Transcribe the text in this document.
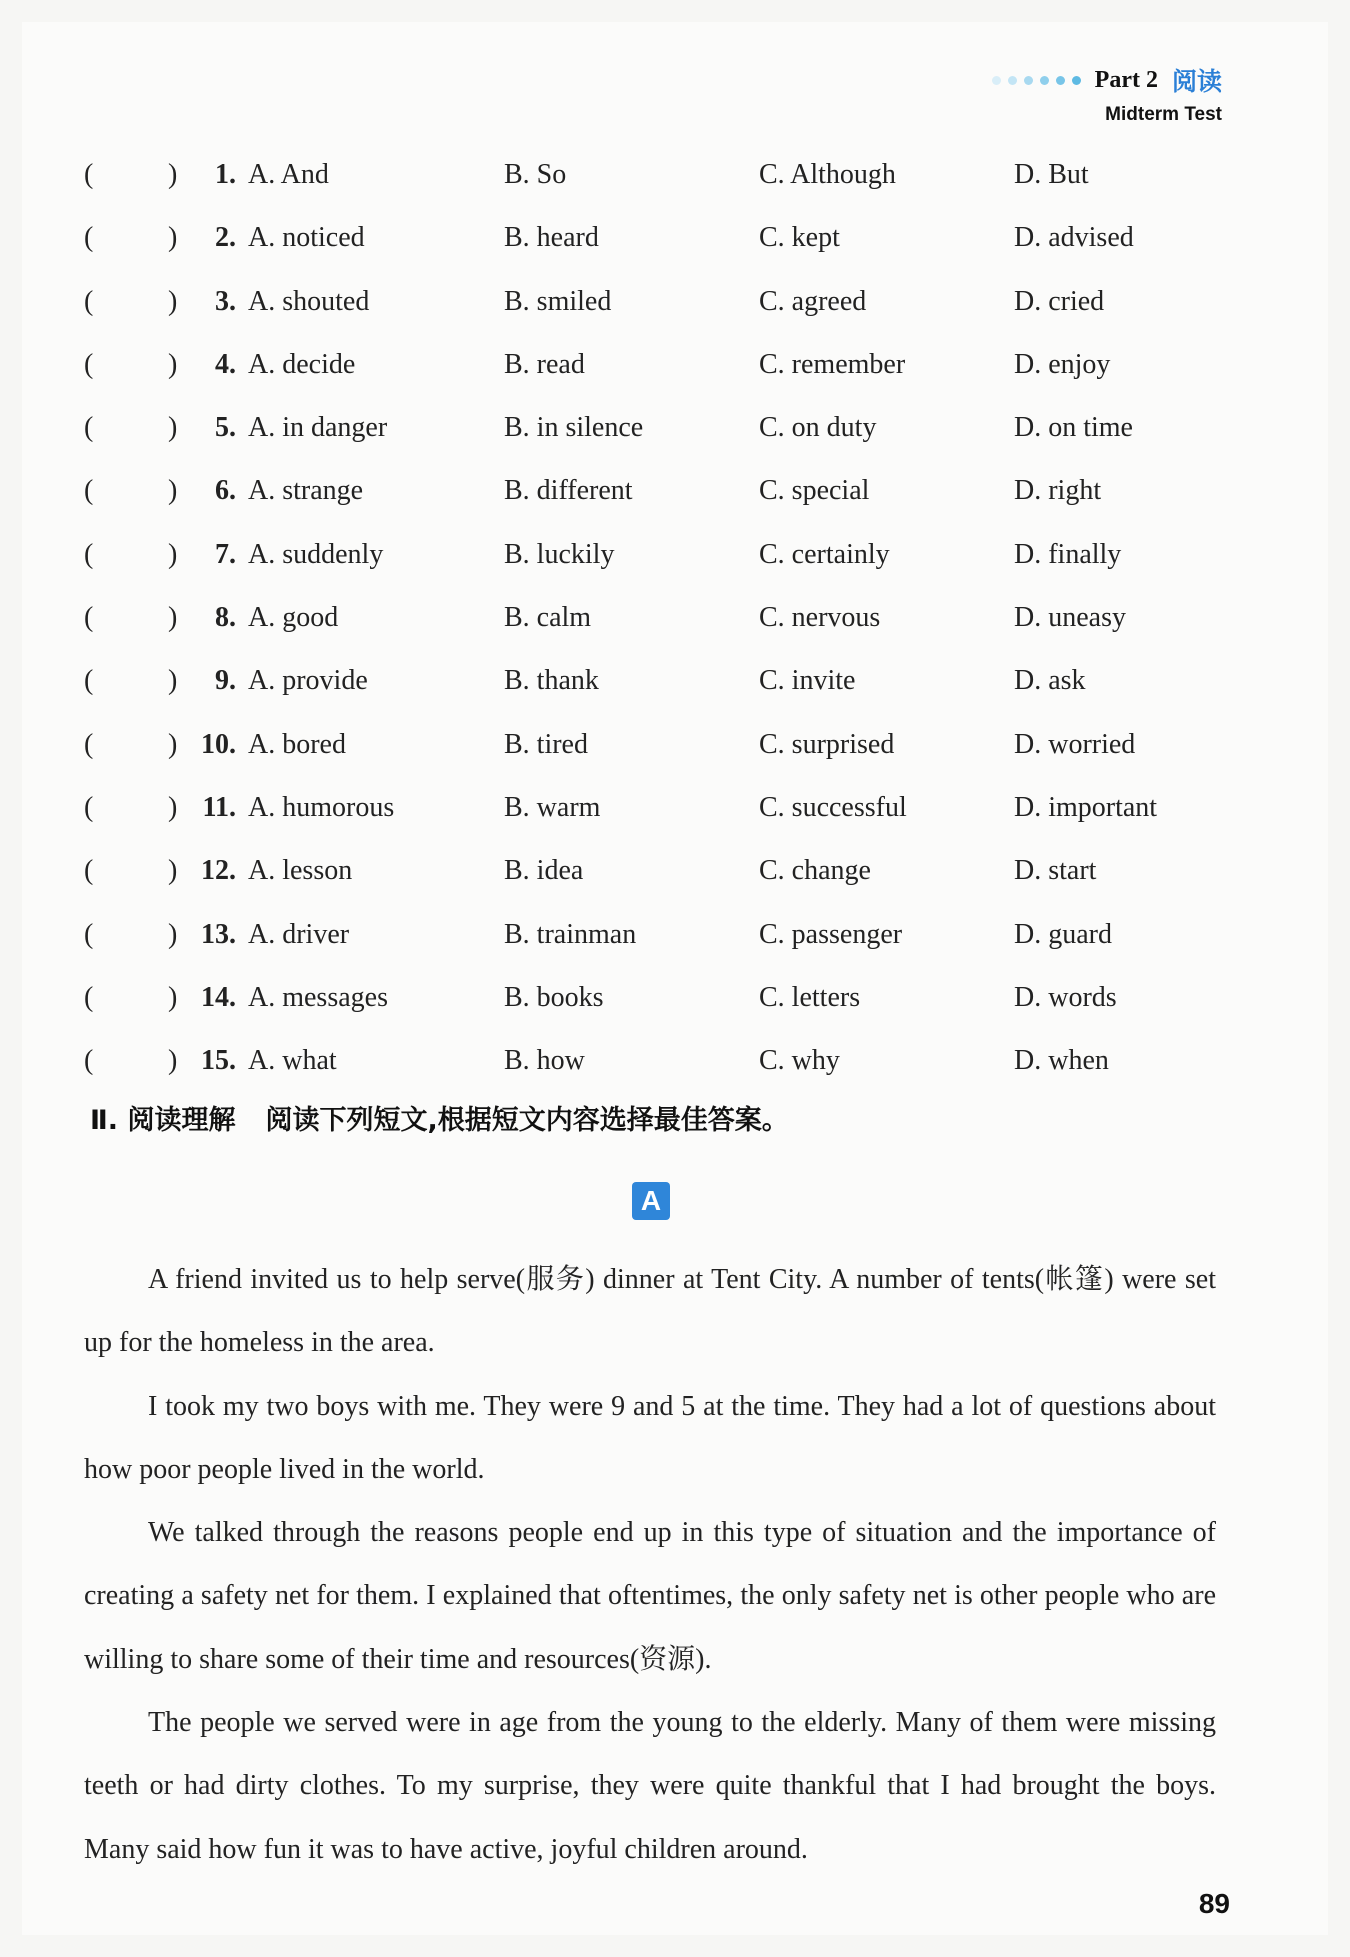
Part 2 阅读
Midterm Test
(	)	1. A. And	B. So	C. Although	D. But
(	)	2. A. noticed	B. heard	C. kept	D. advised
(	)	3. A. shouted	B. smiled	C. agreed	D. cried
(	)	4. A. decide	B. read	C. remember	D. enjoy
(	)	5. A. in danger	B. in silence	C. on duty	D. on time
(	)	6. A. strange	B. different	C. special	D. right
(	)	7. A. suddenly	B. luckily	C. certainly	D. finally
(	)	8. A. good	B. calm	C. nervous	D. uneasy
(	)	9. A. provide	B. thank	C. invite	D. ask
(	) 10. A. bored	B. tired	C. surprised	D. worried
(	) 11. A. humorous	B. warm	C. successful	D. important
(	) 12. A. lesson	B. idea	C. change	D. start
(	) 13. A. driver	B. trainman	C. passenger	D. guard
(	) 14. A. messages	B. books	C. letters	D. words
(	) 15. A. what	B. how	C. why	D. when
Ⅱ. 阅读理解 阅读下列短文,根据短文内容选择最佳答案。
A

A friend invited us to help serve(服务) dinner at Tent City. A number of tents(帐篷) were set up for the homeless in the area.

I took my two boys with me. They were 9 and 5 at the time. They had a lot of questions about how poor people lived in the world.

We talked through the reasons people end up in this type of situation and the importance of creating a safety net for them. I explained that oftentimes, the only safety net is other people who are willing to share some of their time and resources(资源).

The people we served were in age from the young to the elderly. Many of them were missing teeth or had dirty clothes. To my surprise, they were quite thankful that I had brought the boys. Many said how fun it was to have active, joyful children around.

89
